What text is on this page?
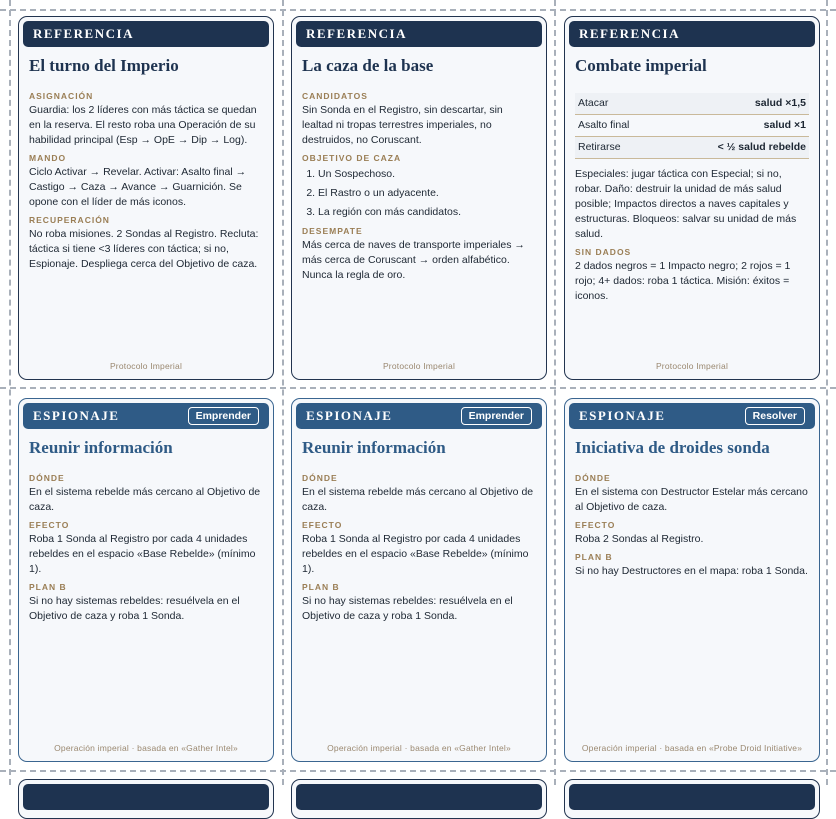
REFERENCIA
El turno del Imperio
ASIGNACIÓN
Guardia: los 2 líderes con más táctica se quedan en la reserva. El resto roba una Operación de su habilidad principal (Esp → OpE → Dip → Log).
MANDO
Ciclo Activar → Revelar. Activar: Asalto final → Castigo → Caza → Avance → Guarnición. Se opone con el líder de más iconos.
RECUPERACIÓN
No roba misiones. 2 Sondas al Registro. Recluta: táctica si tiene <3 líderes con táctica; si no, Espionaje. Despliega cerca del Objetivo de caza.
Protocolo Imperial
REFERENCIA
La caza de la base
CANDIDATOS
Sin Sonda en el Registro, sin descartar, sin lealtad ni tropas terrestres imperiales, no destruidos, no Coruscant.
OBJETIVO DE CAZA
1. Un Sospechoso.
2. El Rastro o un adyacente.
3. La región con más candidatos.
DESEMPATE
Más cerca de naves de transporte imperiales → más cerca de Coruscant → orden alfabético. Nunca la regla de oro.
Protocolo Imperial
REFERENCIA
Combate imperial
Atacar	salud ×1,5
Asalto final	salud ×1
Retirarse	< ½ salud rebelde
Especiales: jugar táctica con Especial; si no, robar. Daño: destruir la unidad de más salud posible; Impactos directos a naves capitales y estructuras. Bloqueos: salvar su unidad de más salud.
SIN DADOS
2 dados negros = 1 Impacto negro; 2 rojos = 1 rojo; 4+ dados: roba 1 táctica. Misión: éxitos = iconos.
Protocolo Imperial
ESPIONAJE	Emprender
Reunir información
DÓNDE
En el sistema rebelde más cercano al Objetivo de caza.
EFECTO
Roba 1 Sonda al Registro por cada 4 unidades rebeldes en el espacio «Base Rebelde» (mínimo 1).
PLAN B
Si no hay sistemas rebeldes: resuélvela en el Objetivo de caza y roba 1 Sonda.
Operación imperial · basada en «Gather Intel»
ESPIONAJE	Emprender
Reunir información
DÓNDE
En el sistema rebelde más cercano al Objetivo de caza.
EFECTO
Roba 1 Sonda al Registro por cada 4 unidades rebeldes en el espacio «Base Rebelde» (mínimo 1).
PLAN B
Si no hay sistemas rebeldes: resuélvela en el Objetivo de caza y roba 1 Sonda.
Operación imperial · basada en «Gather Intel»
ESPIONAJE	Resolver
Iniciativa de droides sonda
DÓNDE
En el sistema con Destructor Estelar más cercano al Objetivo de caza.
EFECTO
Roba 2 Sondas al Registro.
PLAN B
Si no hay Destructores en el mapa: roba 1 Sonda.
Operación imperial · basada en «Probe Droid Initiative»
